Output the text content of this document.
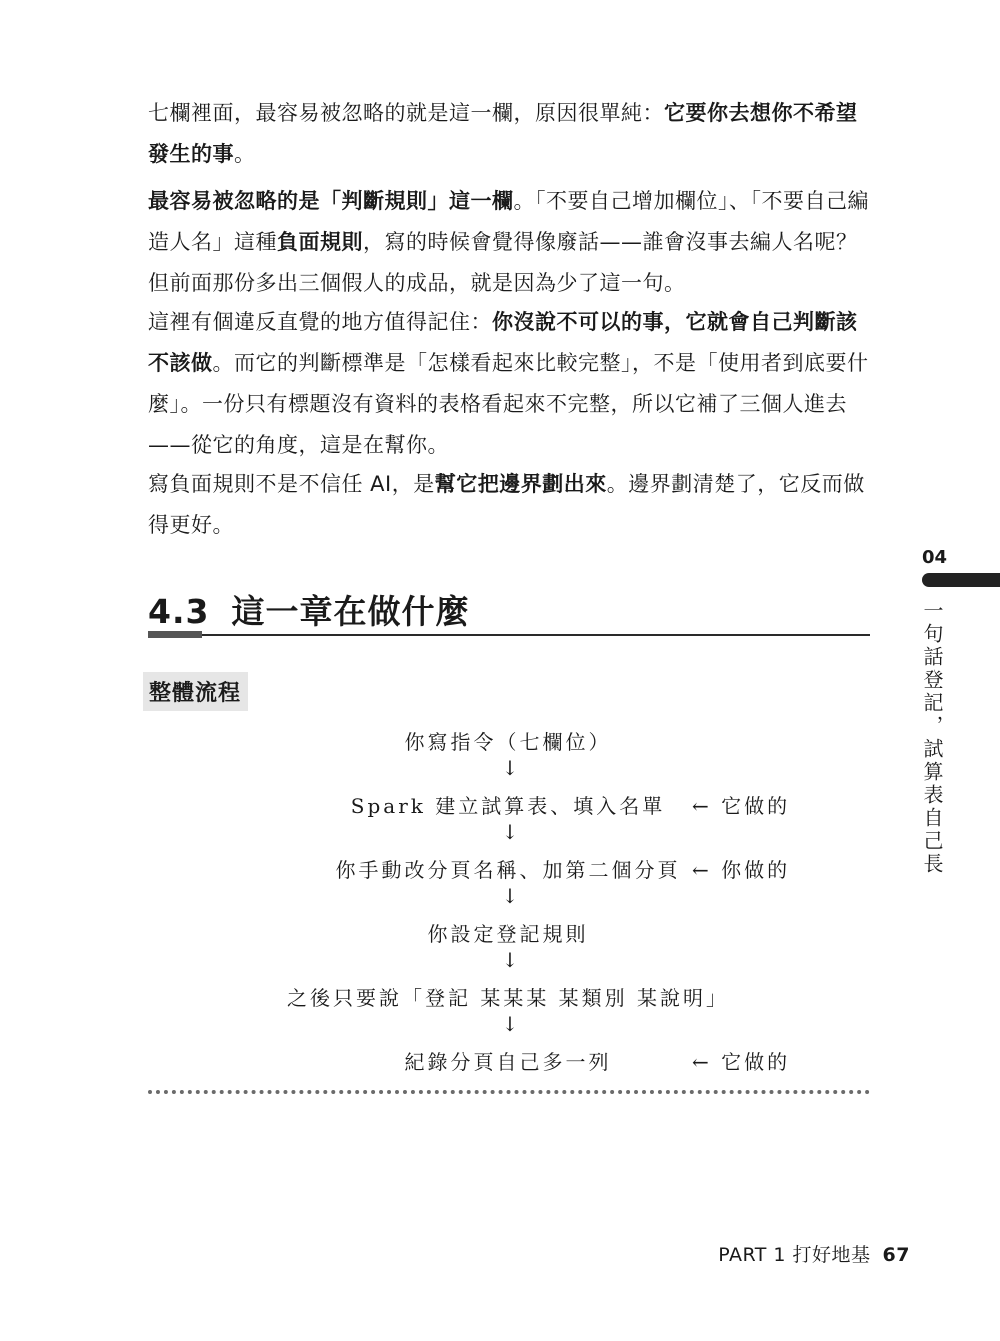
七欄裡面，最容易被忽略的就是這一欄，原因很單純：它要你去想你不希望發生的事。
最容易被忽略的是「判斷規則」這一欄。「不要自己增加欄位」、「不要自己編造人名」這種負面規則，寫的時候會覺得像廢話——誰會沒事去編人名呢？但前面那份多出三個假人的成品，就是因為少了這一句。
這裡有個違反直覺的地方值得記住：你沒說不可以的事，它就會自己判斷該不該做。而它的判斷標準是「怎樣看起來比較完整」，不是「使用者到底要什麼」。一份只有標題沒有資料的表格看起來不完整，所以它補了三個人進去——從它的角度，這是在幫你。
寫負面規則不是不信任 AI，是幫它把邊界劃出來。邊界劃清楚了，它反而做得更好。
4.3 這一章在做什麼
整體流程
你寫指令（七欄位）
↓
Spark 建立試算表、填入名單 ← 它做的
↓
你手動改分頁名稱、加第二個分頁 ← 你做的
↓
你設定登記規則
↓
之後只要說「登記 某某某 某類別 某說明」
↓
紀錄分頁自己多一列	← 它做的
04
一句話登記，試算表自己長
PART 1 打好地基 67
